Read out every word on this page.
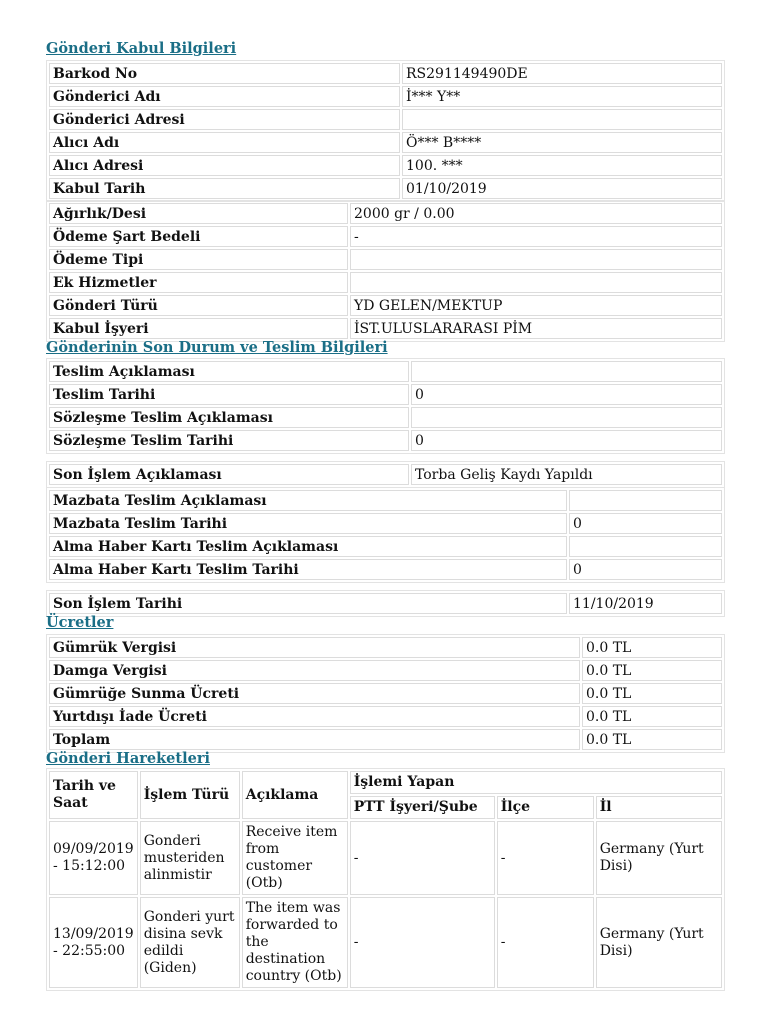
Gönderi Kabul Bilgileri
Barkod No	RS291149490DE
Gönderici Adı	İ*** Y**
Gönderici Adresi	
Alıcı Adı	Ö*** B****
Alıcı Adresi	100. ***
Kabul Tarih	01/10/2019
Ağırlık/Desi	2000 gr / 0.00
Ödeme Şart Bedeli	-
Ödeme Tipi	
Ek Hizmetler	
Gönderi Türü	YD GELEN/MEKTUP
Kabul İşyeri	İST.ULUSLARARASI PİM
Gönderinin Son Durum ve Teslim Bilgileri
Teslim Açıklaması	
Teslim Tarihi	0
Sözleşme Teslim Açıklaması	
Sözleşme Teslim Tarihi	0
Son İşlem Açıklaması	Torba Geliş Kaydı Yapıldı
Mazbata Teslim Açıklaması	
Mazbata Teslim Tarihi	0
Alma Haber Kartı Teslim Açıklaması	
Alma Haber Kartı Teslim Tarihi	0
Son İşlem Tarihi	11/10/2019
Ücretler
Gümrük Vergisi	0.0 TL
Damga Vergisi	0.0 TL
Gümrüğe Sunma Ücreti	0.0 TL
Yurtdışı İade Ücreti	0.0 TL
Toplam	0.0 TL
Gönderi Hareketleri
Tarih ve
Saat	İşlem Türü	Açıklama	İşlemi Yapan		
			PTT İşyeri/Şube	İlçe	İl
09/09/2019
- 15:12:00	Gonderi
musteriden
alinmistir	Receive item
from
customer
(Otb)	-	-	Germany (Yurt
Disi)
13/09/2019
- 22:55:00	Gonderi yurt
disina sevk
edildi
(Giden)	The item was
forwarded to
the
destination
country (Otb)	-	-	Germany (Yurt
Disi)
